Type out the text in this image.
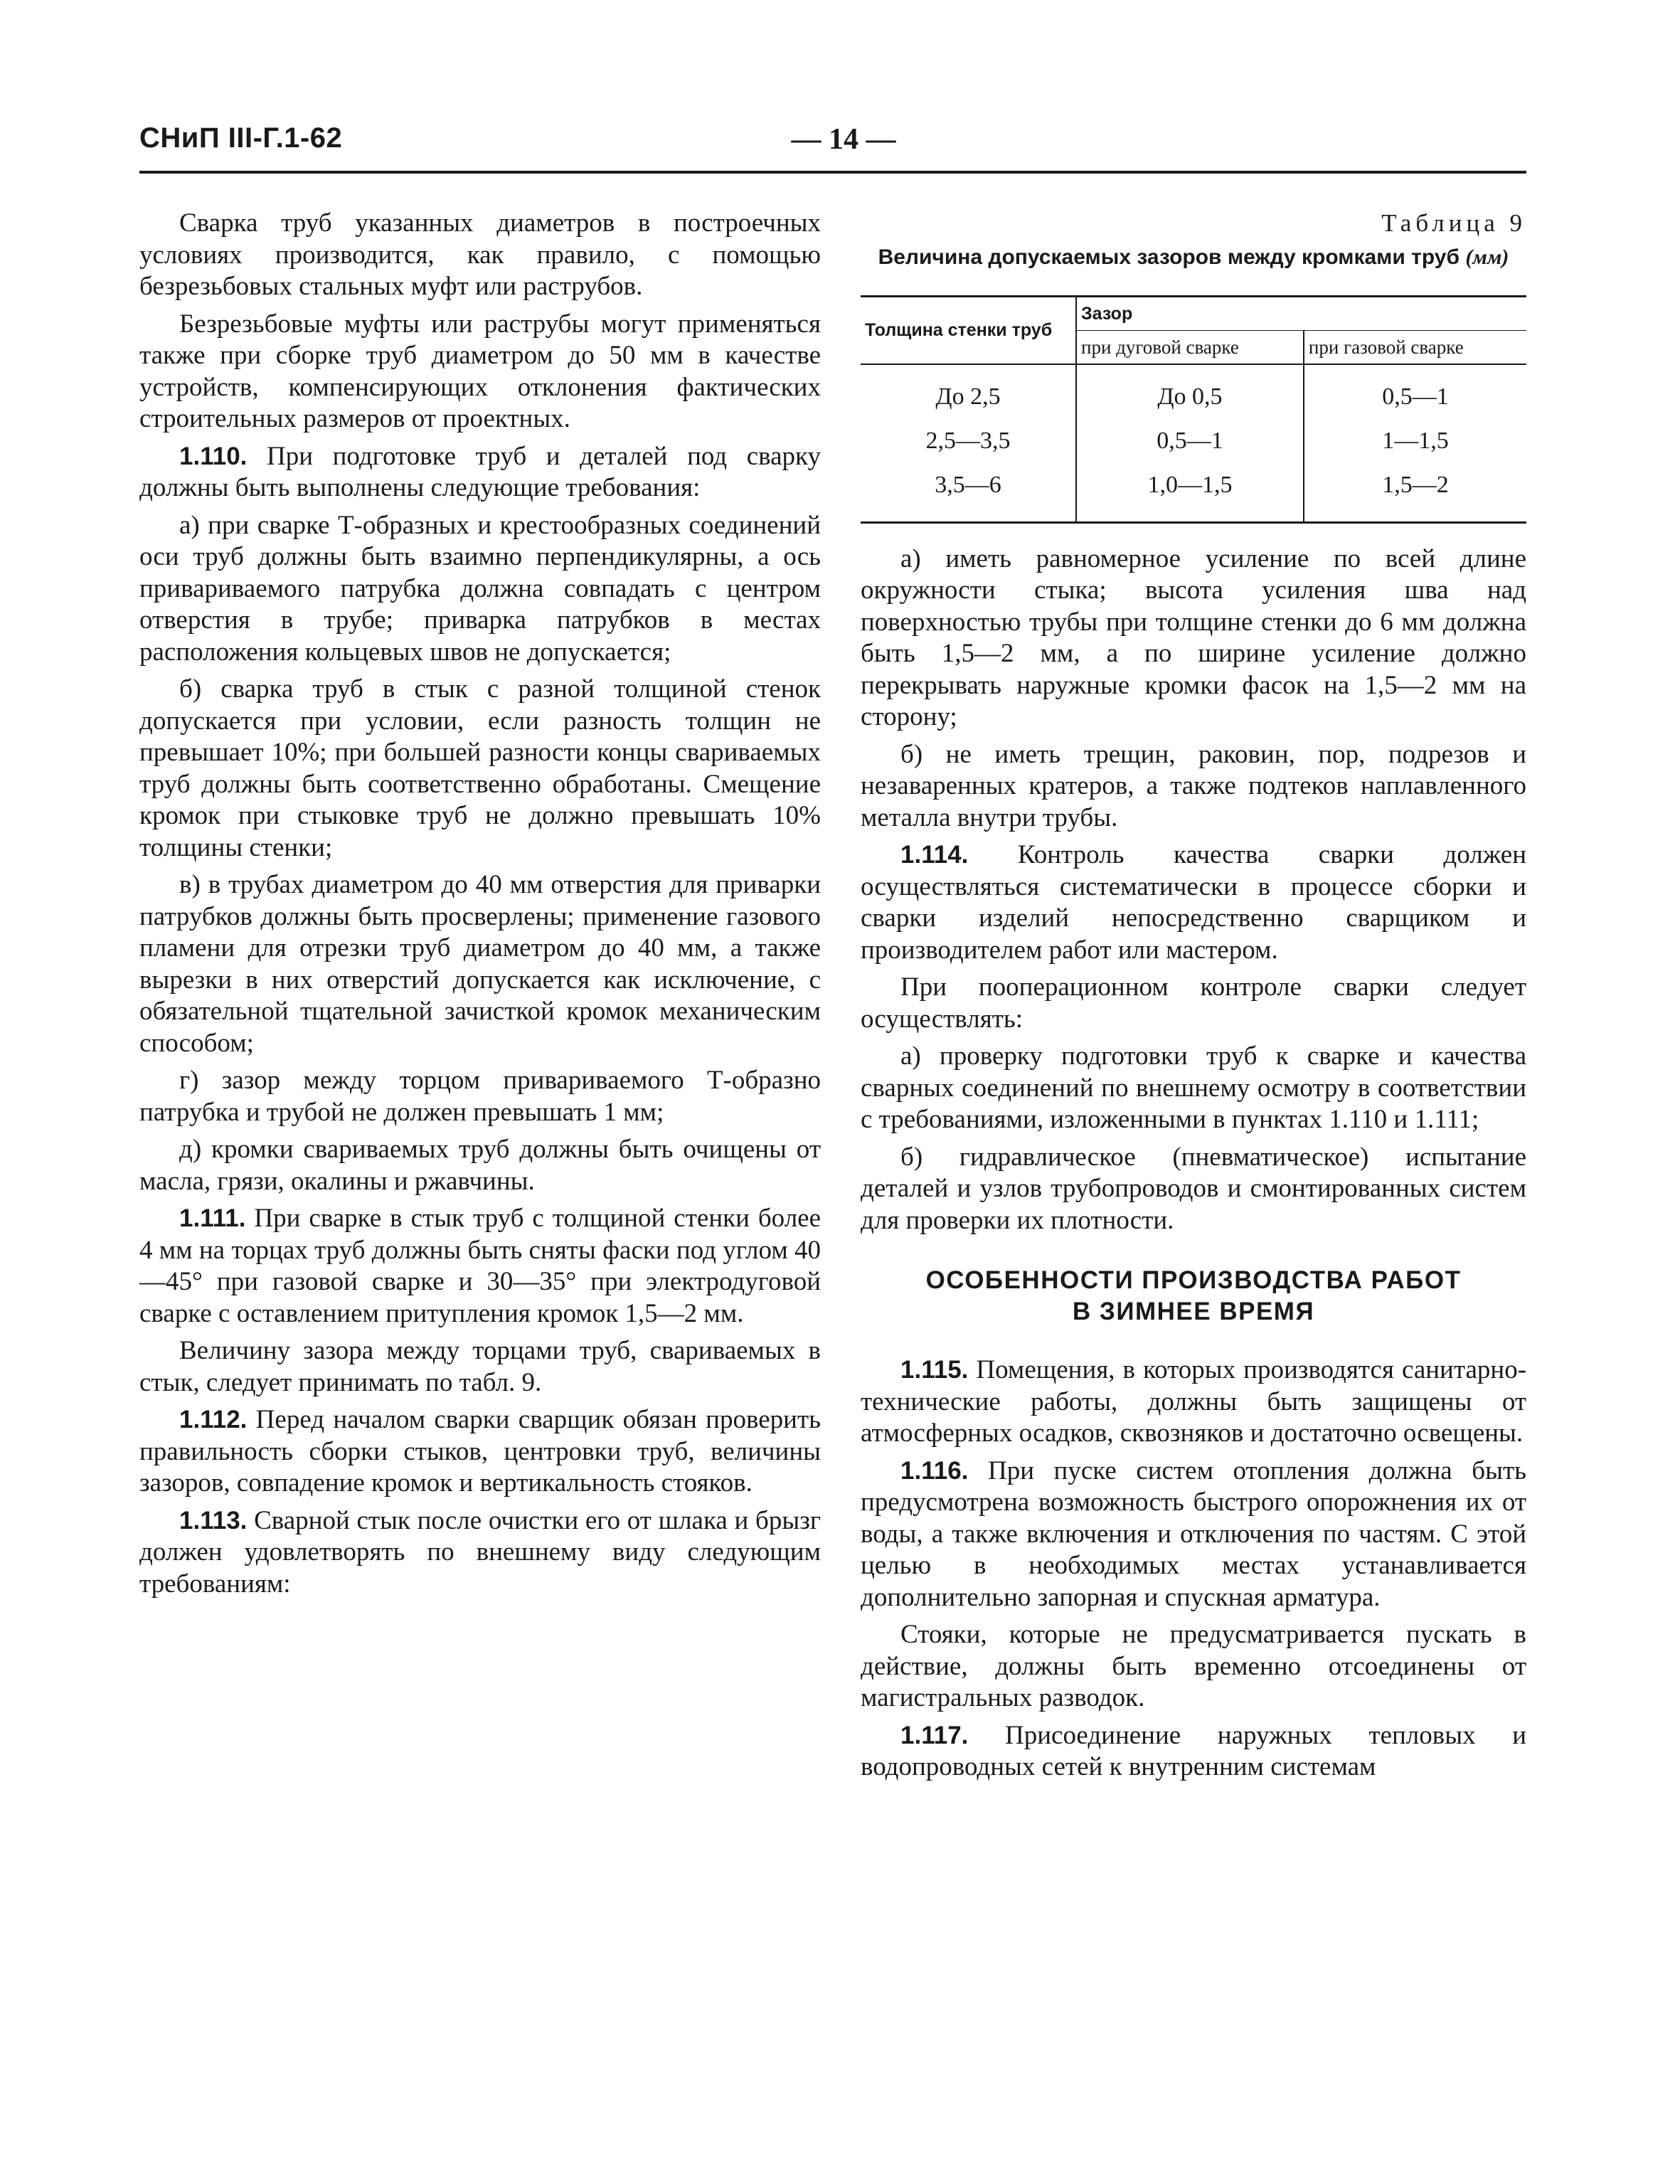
СНиП III-Г.1-62	— 14 —

Сварка труб указанных диаметров в построечных условиях производится, как правило, с помощью безрезьбовых стальных муфт или раструбов.

Безрезьбовые муфты или раструбы могут применяться также при сборке труб диаметром до 50 мм в качестве устройств, компенсирующих отклонения фактических строительных размеров от проектных.

1.110. При подготовке труб и деталей под сварку должны быть выполнены следующие требования:

а) при сварке Т-образных и крестообразных соединений оси труб должны быть взаимно перпендикулярны, а ось привариваемого патрубка должна совпадать с центром отверстия в трубе; приварка патрубков в местах расположения кольцевых швов не допускается;

б) сварка труб в стык с разной толщиной стенок допускается при условии, если разность толщин не превышает 10%; при большей разности концы свариваемых труб должны быть соответственно обработаны. Смещение кромок при стыковке труб не должно превышать 10% толщины стенки;

в) в трубах диаметром до 40 мм отверстия для приварки патрубков должны быть просверлены; применение газового пламени для отрезки труб диаметром до 40 мм, а также вырезки в них отверстий допускается как исключение, с обязательной тщательной зачисткой кромок механическим способом;

г) зазор между торцом привариваемого Т-образно патрубка и трубой не должен превышать 1 мм;

д) кромки свариваемых труб должны быть очищены от масла, грязи, окалины и ржавчины.

1.111. При сварке в стык труб с толщиной стенки более 4 мм на торцах труб должны быть сняты фаски под углом 40—45° при газовой сварке и 30—35° при электродуговой сварке с оставлением притупления кромок 1,5—2 мм.

Величину зазора между торцами труб, свариваемых в стык, следует принимать по табл. 9.

1.112. Перед началом сварки сварщик обязан проверить правильность сборки стыков, центровки труб, величины зазоров, совпадение кромок и вертикальность стояков.

1.113. Сварной стык после очистки его от шлака и брызг должен удовлетворять по внешнему виду следующим требованиям:

Таблица 9
Величина допускаемых зазоров между кромками труб (мм)
Толщина стенки труб	Зазор	
	при дуговой сварке	при газовой сварке
До 2,5	До 0,5	0,5—1
2,5—3,5	0,5—1	1—1,5
3,5—6	1,0—1,5	1,5—2

а) иметь равномерное усиление по всей длине окружности стыка; высота усиления шва над поверхностью трубы при толщине стенки до 6 мм должна быть 1,5—2 мм, а по ширине усиление должно перекрывать наружные кромки фасок на 1,5—2 мм на сторону;

б) не иметь трещин, раковин, пор, подрезов и незаваренных кратеров, а также подтеков наплавленного металла внутри трубы.

1.114. Контроль качества сварки должен осуществляться систематически в процессе сборки и сварки изделий непосредственно сварщиком и производителем работ или мастером.

При пооперационном контроле сварки следует осуществлять:

а) проверку подготовки труб к сварке и качества сварных соединений по внешнему осмотру в соответствии с требованиями, изложенными в пунктах 1.110 и 1.111;

б) гидравлическое (пневматическое) испытание деталей и узлов трубопроводов и смонтированных систем для проверки их плотности.

ОСОБЕННОСТИ ПРОИЗВОДСТВА РАБОТ
В ЗИМНЕЕ ВРЕМЯ

1.115. Помещения, в которых производятся санитарно-технические работы, должны быть защищены от атмосферных осадков, сквозняков и достаточно освещены.

1.116. При пуске систем отопления должна быть предусмотрена возможность быстрого опорожнения их от воды, а также включения и отключения по частям. С этой целью в необходимых местах устанавливается дополнительно запорная и спускная арматура.

Стояки, которые не предусматривается пускать в действие, должны быть временно отсоединены от магистральных разводок.

1.117. Присоединение наружных тепловых и водопроводных сетей к внутренним системам
